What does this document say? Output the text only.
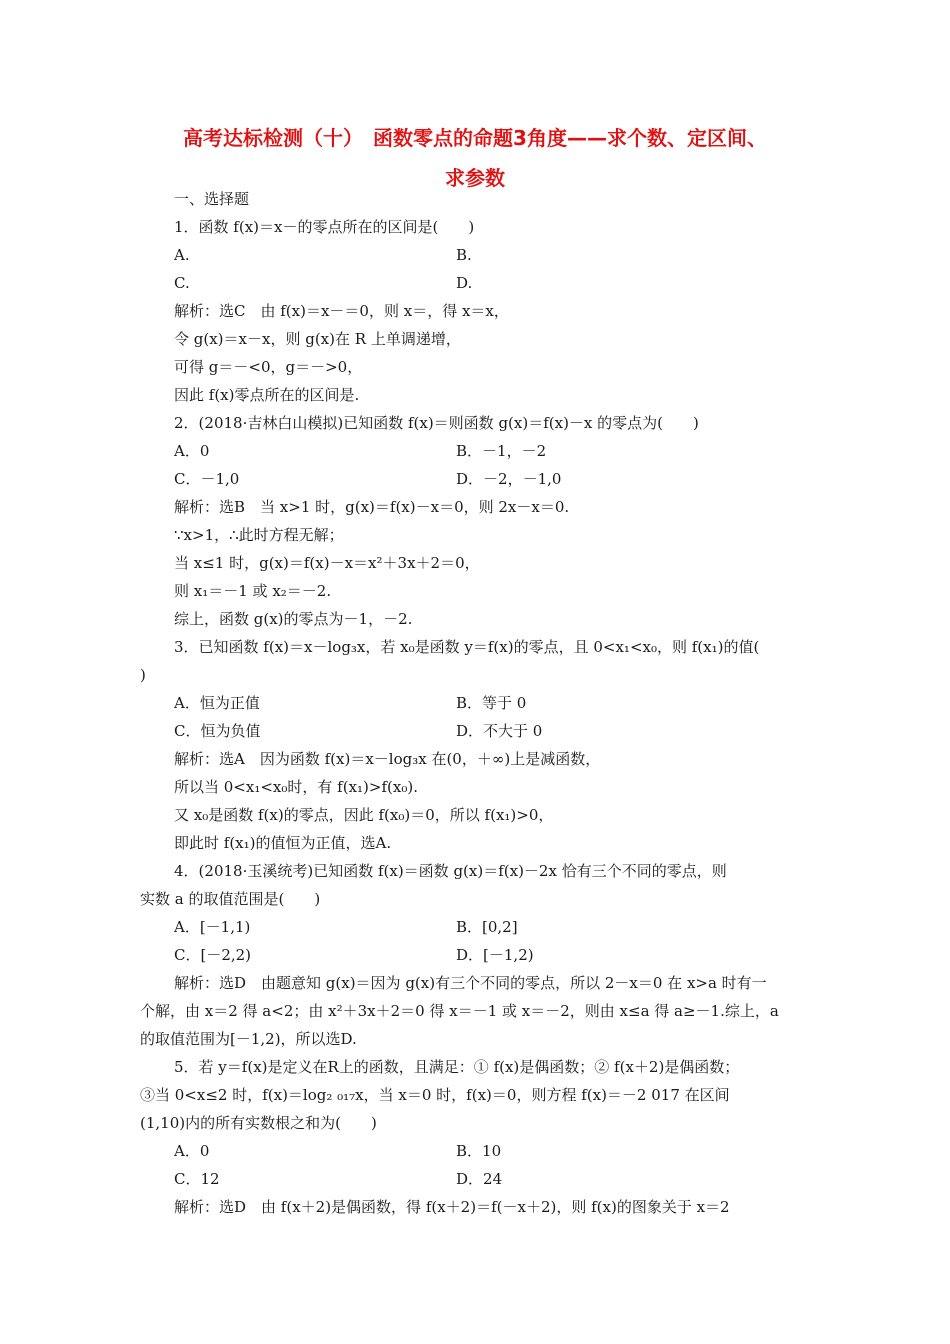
高考达标检测（十）　函数零点的命题3角度——求个数、定区间、
求参数
一、选择题
1．函数 f(x)＝x－的零点所在的区间是(　　)
A.	B.
C.	D.
解析：选C　由 f(x)＝x－＝0，则 x＝，得 x＝x，
令 g(x)＝x－x，则 g(x)在 R 上单调递增，
可得 g＝－<0，g＝－>0，
因此 f(x)零点所在的区间是.
2．(2018·吉林白山模拟)已知函数 f(x)＝则函数 g(x)＝f(x)－x 的零点为(　　)
A．0	B．－1，－2
C．－1,0	D．－2，－1,0
解析：选B　当 x>1 时，g(x)＝f(x)－x＝0，则 2x－x＝0.
∵x>1，∴此时方程无解；
当 x≤1 时，g(x)＝f(x)－x＝x²＋3x＋2＝0，
则 x₁＝－1 或 x₂＝－2.
综上，函数 g(x)的零点为－1，－2.
3．已知函数 f(x)＝x－log₃x，若 x₀是函数 y＝f(x)的零点，且 0<x₁<x₀，则 f(x₁)的值(
)
A．恒为正值	B．等于 0
C．恒为负值	D．不大于 0
解析：选A　因为函数 f(x)＝x－log₃x 在(0，＋∞)上是减函数，
所以当 0<x₁<x₀时，有 f(x₁)>f(x₀).
又 x₀是函数 f(x)的零点，因此 f(x₀)＝0，所以 f(x₁)>0，
即此时 f(x₁)的值恒为正值，选A.
4．(2018·玉溪统考)已知函数 f(x)＝函数 g(x)＝f(x)－2x 恰有三个不同的零点，则
实数 a 的取值范围是(　　)
A．[－1,1)	B．[0,2]
C．[－2,2)	D．[－1,2)
解析：选D　由题意知 g(x)＝因为 g(x)有三个不同的零点，所以 2－x＝0 在 x>a 时有一
个解，由 x＝2 得 a<2；由 x²＋3x＋2＝0 得 x＝－1 或 x＝－2，则由 x≤a 得 a≥－1.综上，a
的取值范围为[－1,2)，所以选D.
5．若 y＝f(x)是定义在R上的函数，且满足：① f(x)是偶函数；② f(x＋2)是偶函数；
③当 0<x≤2 时，f(x)＝log₂ ₀₁₇x，当 x＝0 时，f(x)＝0，则方程 f(x)＝－2 017 在区间
(1,10)内的所有实数根之和为(　　)
A．0	B．10
C．12	D．24
解析：选D　由 f(x＋2)是偶函数，得 f(x＋2)＝f(－x＋2)，则 f(x)的图象关于 x＝2
